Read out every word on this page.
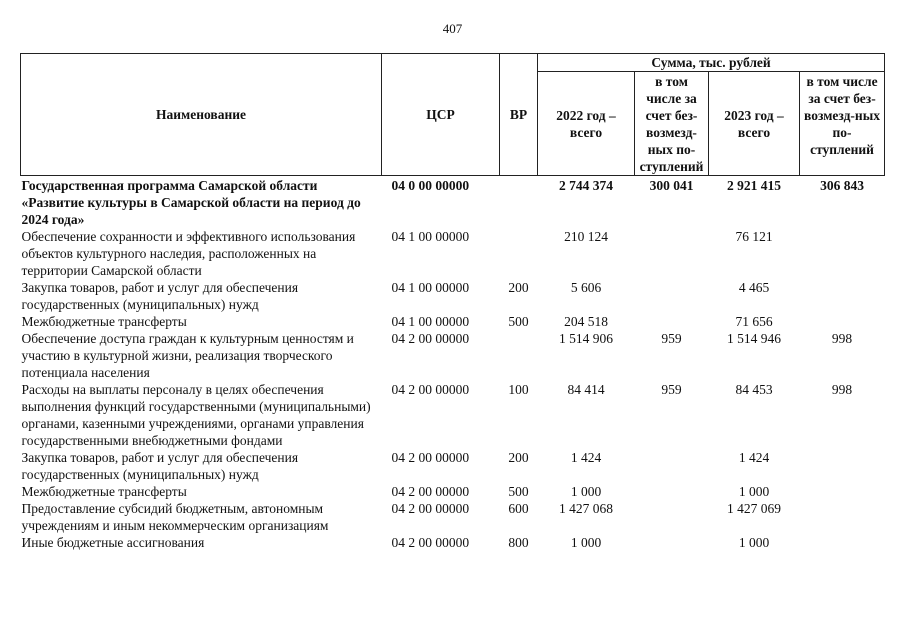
407
Наименование	ЦСР	ВР	Сумма, тыс. рублей			
			2022 год – всего	в том числе за счет без-возмезд-ных по-ступлений	2023 год – всего	в том числе за счет без-возмезд-ных по-ступлений
Государственная программа Самарской области «Развитие культуры в Самарской области на период до 2024 года»	04 0 00 00000		2 744 374	300 041	2 921 415	306 843
Обеспечение сохранности и эффективного использования объектов культурного наследия, расположенных на территории Самарской области	04 1 00 00000		210 124		76 121	
Закупка товаров, работ и услуг для обеспечения государственных (муниципальных) нужд	04 1 00 00000	200	5 606		4 465	
Межбюджетные трансферты	04 1 00 00000	500	204 518		71 656	
Обеспечение доступа граждан к культурным ценностям и участию в культурной жизни, реализация творческого потенциала населения	04 2 00 00000		1 514 906	959	1 514 946	998
Расходы на выплаты персоналу в целях обеспечения выполнения функций государственными (муниципальными) органами, казенными учреждениями, органами управления государственными внебюджетными фондами	04 2 00 00000	100	84 414	959	84 453	998
Закупка товаров, работ и услуг для обеспечения государственных (муниципальных) нужд	04 2 00 00000	200	1 424		1 424	
Межбюджетные трансферты	04 2 00 00000	500	1 000		1 000	
Предоставление субсидий бюджетным, автономным учреждениям и иным некоммерческим организациям	04 2 00 00000	600	1 427 068		1 427 069	
Иные бюджетные ассигнования	04 2 00 00000	800	1 000		1 000	
